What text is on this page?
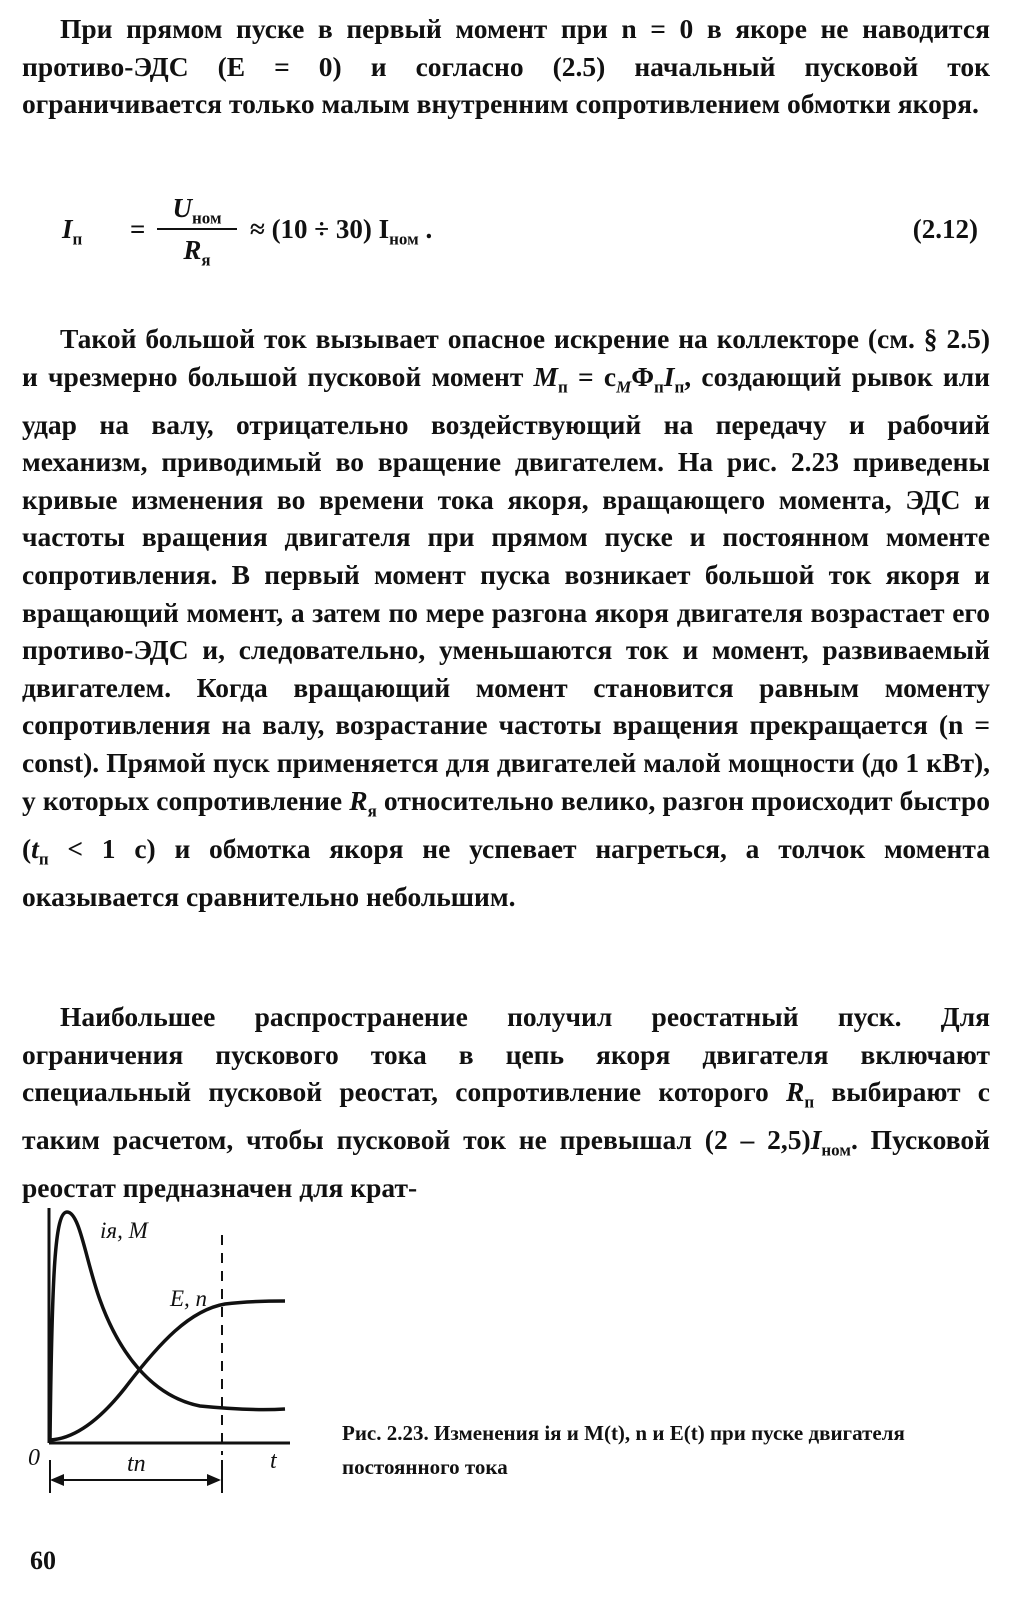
При прямом пуске в первый момент при n = 0 в якоре не наводится противо-ЭДС (E = 0) и согласно (2.5) начальный пусковой ток ограничивается только малым внутренним сопротивлением обмотки якоря.

$I_п$ =
$U_{ном}$
$R_я$
≈ (10 ÷ 30) $I_{ном}$ .	(2.12)

Такой большой ток вызывает опасное искрение на коллекторе (см. § 2.5) и чрезмерно большой пусковой момент $M_п = c_M\Phi_пI_п$, создающий рывок или удар на валу, отрицательно воздействующий на передачу и рабочий механизм, приводимый во вращение двигателем. На рис. 2.23 приведены кривые изменения во времени тока якоря, вращающего момента, ЭДС и частоты вращения двигателя при прямом пуске и постоянном моменте сопротивления. В первый момент пуска возникает большой ток якоря и вращающий момент, а затем по мере разгона якоря двигателя возрастает его противо-ЭДС и, следовательно, уменьшаются ток и момент, развиваемый двигателем. Когда вращающий момент становится равным моменту сопротивления на валу, возрастание частоты вращения прекращается (n = const). Прямой пуск применяется для двигателей малой мощности (до 1 кВт), у которых сопротивление $R_я$ относительно велико, разгон происходит быстро ($t_п < 1$ с) и обмотка якоря не успевает нагреться, а толчок момента оказывается сравнительно небольшим.

Наибольшее распространение получил реостатный пуск. Для ограничения пускового тока в цепь якоря двигателя включают специальный пусковой реостат, сопротивление которого $R_п$ выбирают с таким расчетом, чтобы пусковой ток не превышал $(2 - 2,5)I_{ном}$. Пусковой реостат предназначен для крат-

iя, M
E, n
0	t
tп
Рис. 2.23. Изменения iя и M(t), n и E(t) при пуске двигателя постоянного тока
60
